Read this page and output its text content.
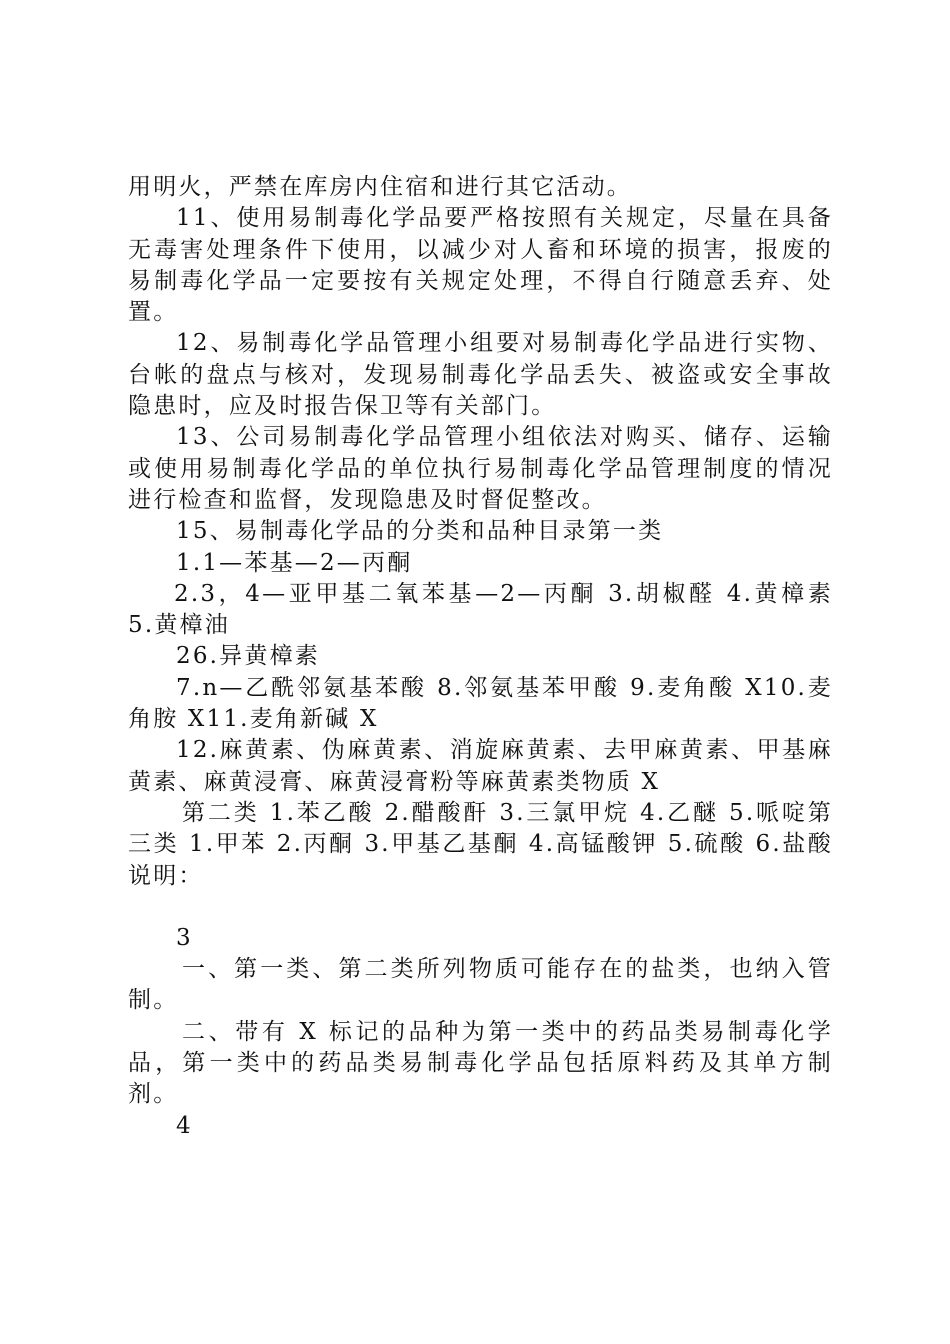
用明火，严禁在库房内住宿和进行其它活动。

11、使用易制毒化学品要严格按照有关规定，尽量在具备无毒害处理条件下使用，以减少对人畜和环境的损害，报废的易制毒化学品一定要按有关规定处理，不得自行随意丢弃、处置。

12、易制毒化学品管理小组要对易制毒化学品进行实物、台帐的盘点与核对，发现易制毒化学品丢失、被盗或安全事故隐患时，应及时报告保卫等有关部门。

13、公司易制毒化学品管理小组依法对购买、储存、运输或使用易制毒化学品的单位执行易制毒化学品管理制度的情况进行检查和监督，发现隐患及时督促整改。

15、易制毒化学品的分类和品种目录第一类

1.1—苯基—2—丙酮

2.3，4—亚甲基二氧苯基—2—丙酮 3.胡椒醛 4.黄樟素 5.黄樟油

26.异黄樟素

7.n—乙酰邻氨基苯酸 8.邻氨基苯甲酸 9.麦角酸 X10.麦角胺 X11.麦角新碱 X

12.麻黄素、伪麻黄素、消旋麻黄素、去甲麻黄素、甲基麻黄素、麻黄浸膏、麻黄浸膏粉等麻黄素类物质 X

第二类 1.苯乙酸 2.醋酸酐 3.三氯甲烷 4.乙醚 5.哌啶第三类 1.甲苯 2.丙酮 3.甲基乙基酮 4.高锰酸钾 5.硫酸 6.盐酸说明：

3

一、第一类、第二类所列物质可能存在的盐类，也纳入管制。

二、带有 X 标记的品种为第一类中的药品类易制毒化学品，第一类中的药品类易制毒化学品包括原料药及其单方制剂。

4
